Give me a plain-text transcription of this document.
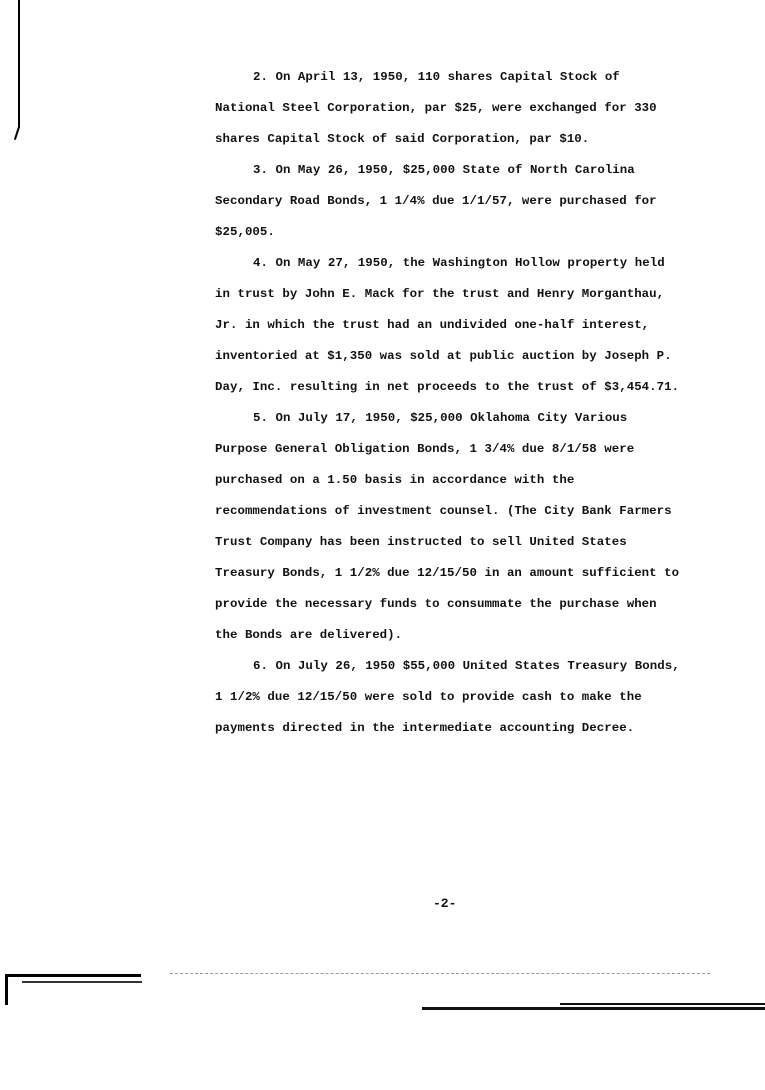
2. On April 13, 1950, 110 shares Capital Stock of National Steel Corporation, par $25, were exchanged for 330 shares Capital Stock of said Corporation, par $10.

3. On May 26, 1950, $25,000 State of North Carolina Secondary Road Bonds, 1 1/4% due 1/1/57, were purchased for $25,005.

4. On May 27, 1950, the Washington Hollow property held in trust by John E. Mack for the trust and Henry Morganthau, Jr. in which the trust had an undivided one-half interest, inventoried at $1,350 was sold at public auction by Joseph P. Day, Inc. resulting in net proceeds to the trust of $3,454.71.

5. On July 17, 1950, $25,000 Oklahoma City Various Purpose General Obligation Bonds, 1 3/4% due 8/1/58 were purchased on a 1.50 basis in accordance with the recommendations of investment counsel. (The City Bank Farmers Trust Company has been instructed to sell United States Treasury Bonds, 1 1/2% due 12/15/50 in an amount sufficient to provide the necessary funds to consummate the purchase when the Bonds are delivered).

6. On July 26, 1950 $55,000 United States Treasury Bonds, 1 1/2% due 12/15/50 were sold to provide cash to make the payments directed in the intermediate accounting Decree.

-2-
